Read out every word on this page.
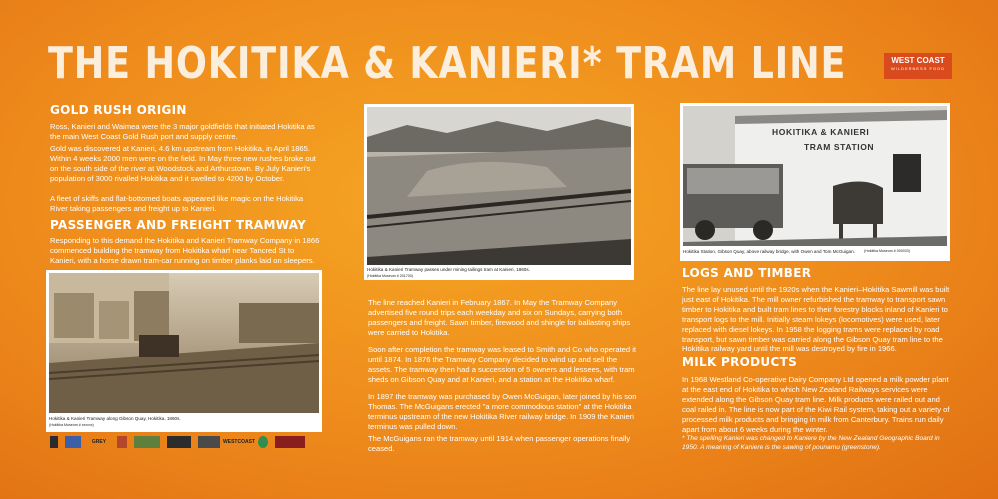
THE HOKITIKA & KANIERI* TRAM LINE	WEST COAST
WILDERNESS FOOD
GOLD RUSH ORIGIN

Ross, Kanieri and Waimea were the 3 major goldfields that initiated Hokitika as the main West Coast Gold Rush port and supply centre.

Gold was discovered at Kanieri, 4.6 km upstream from Hokitika, in April 1865. Within 4 weeks 2000 men were on the field. In May three new rushes broke out on the south side of the river at Woodstock and Arthurstown. By July Kanieri's population of 3000 rivalled Hokitika and it swelled to 4200 by October.

A fleet of skiffs and flat-bottomed boats appeared like magic on the Hokitika River taking passengers and freight up to Kanieri.

PASSENGER AND FREIGHT TRAMWAY

Responding to this demand the Hokitika and Kanieri Tramway Company in 1866 commenced building the tramway from Hokitika wharf near Tancred St to Kanieri, with a horse drawn tram-car running on timber planks laid on sleepers.

Hokitika & Kanieri Tramway along Gibson Quay, Hokitika, 1860s.

(Hokitika Museum # xxxxxx)

Hokitika & Kanieri Tramway passes under mining tailings tram at Kanieri, 1860s.

(Hokitika Museum # 201700)

The line reached Kanieri in February 1867. In May the Tramway Company advertised five round trips each weekday and six on Sundays, carrying both passengers and freight. Sawn timber, firewood and shingle for ballasting ships were carried to Hokitika.

Soon after completion the tramway was leased to Smith and Co who operated it until 1874. In 1876 the Tramway Company decided to wind up and sell the assets. The tramway then had a succession of 5 owners and lessees, with tram sheds on Gibson Quay and at Kanieri, and a station at the Hokitika wharf.

In 1897 the tramway was purchased by Owen McGuigan, later joined by his son Thomas. The McGuigans erected "a more commodious station" at the Hokitika terminus upstream of the new Hokitika River railway bridge. In 1909 the Kanieri terminus was pulled down.

The McGuigans ran the tramway until 1914 when passenger operations finally ceased.

HOKITIKA & KANIERI
TRAM STATION

Hokitika Station, Gibson Quay, above railway bridge, with Owen and Tom McGuigan.	(Hokitika Museum # 000033)

LOGS AND TIMBER

The line lay unused until the 1920s when the Kanieri–Hokitika Sawmill was built just east of Hokitika. The mill owner refurbished the tramway to transport sawn timber to Hokitika and built tram lines to their forestry blocks inland of Kanieri to transport logs to the mill. Initially steam lokeys (locomotives) were used, later replaced with diesel lokeys. In 1958 the logging trams were replaced by road transport, but sawn timber was carried along the Gibson Quay tram line to the Hokitika railway yard until the mill was destroyed by fire in 1966.

MILK PRODUCTS

In 1968 Westland Co-operative Dairy Company Ltd opened a milk powder plant at the east end of Hokitika to which New Zealand Railways services were extended along the Gibson Quay tram line. Milk products were railed out and coal railed in. The line is now part of the Kiwi Rail system, taking out a variety of processed milk products and bringing in milk from Canterbury. Trains run daily apart from about 6 weeks during the winter.

* The spelling Kanieri was changed to Kaniere by the New Zealand Geographic Board in 1950. A meaning of Kaniere is the sawing of pounamu (greenstone).

GREY	WESTCOAST
